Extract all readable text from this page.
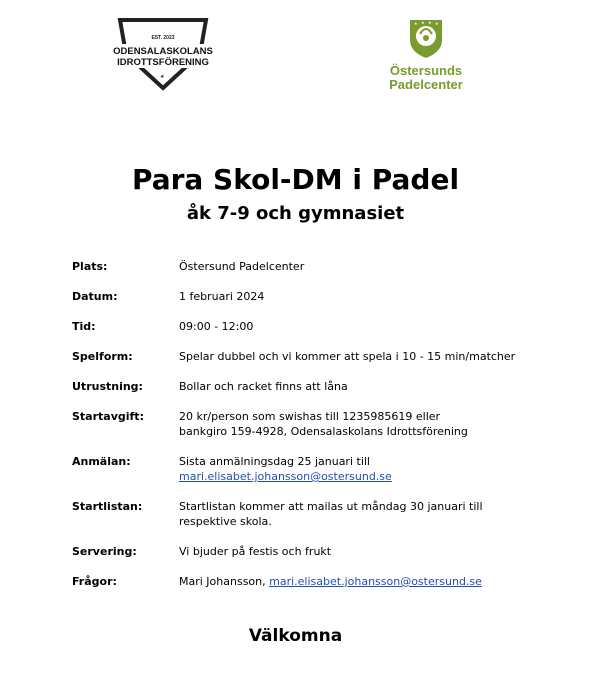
EST. 2023
ODENSALASKOLANS
IDROTTSFÖRENING
★ ★ ★
★ ★ ★ ★
Östersunds
Padelcenter
Para Skol-DM i Padel
åk 7-9 och gymnasiet
Plats:	Östersund Padelcenter
Datum:	1 februari 2024
Tid:	09:00 - 12:00
Spelform:	Spelar dubbel och vi kommer att spela i 10 - 15 min/matcher
Utrustning:	Bollar och racket finns att låna
Startavgift:	20 kr/person som swishas till 1235985619 eller
bankgiro 159-4928, Odensalaskolans Idrottsförening
Anmälan:	Sista anmälningsdag 25 januari till
mari.elisabet.johansson@ostersund.se
Startlistan:	Startlistan kommer att mailas ut måndag 30 januari till
respektive skola.
Servering:	Vi bjuder på festis och frukt
Frågor:	Mari Johansson, mari.elisabet.johansson@ostersund.se
Välkomna
